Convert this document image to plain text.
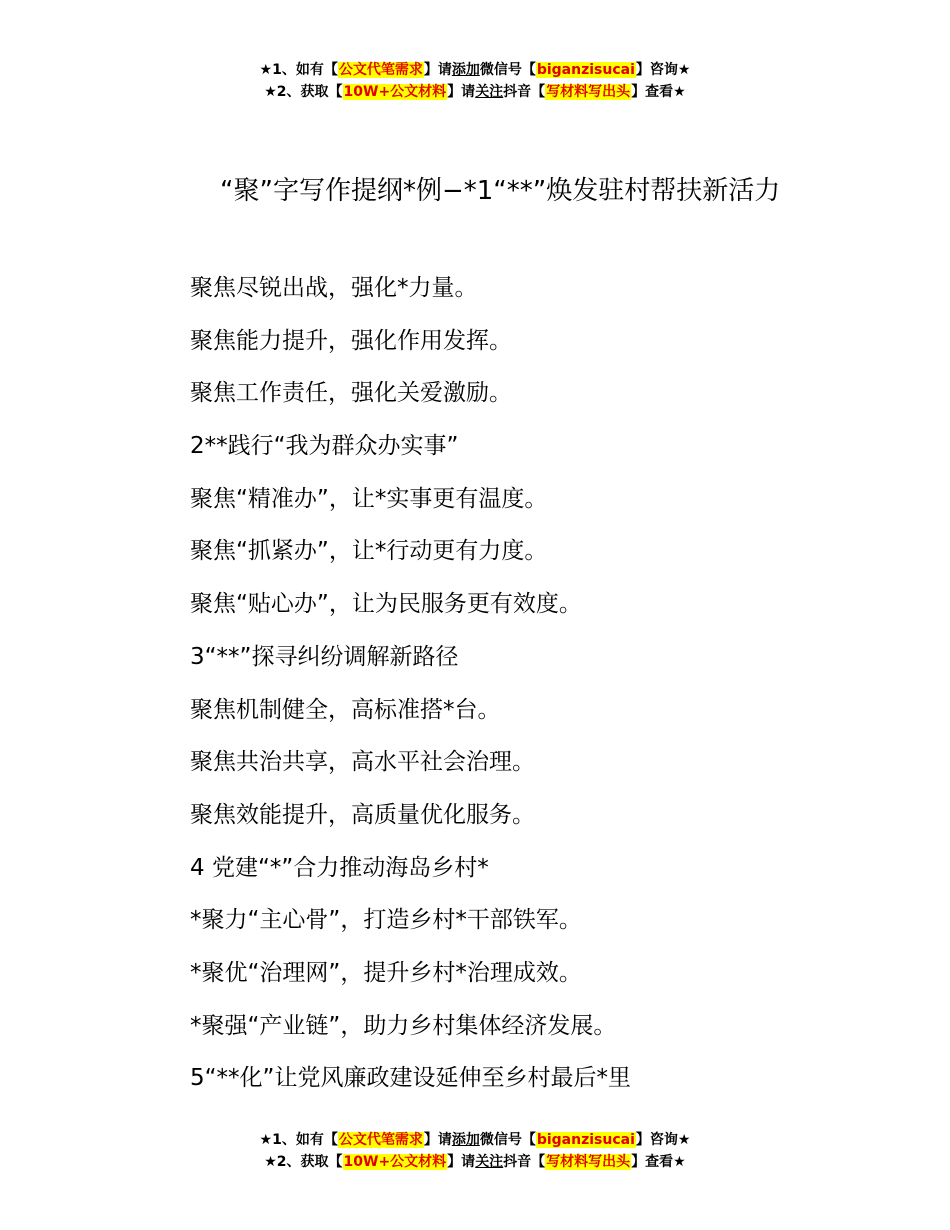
★1、如有【公文代笔需求】请添加微信号【biganzisucai】咨询★
★2、获取【10W+公文材料】请关注抖音【写材料写出头】查看★
“聚”字写作提纲*例−*1“**”焕发驻村帮扶新活力
聚焦尽锐出战，强化*力量。
聚焦能力提升，强化作用发挥。
聚焦工作责任，强化关爱激励。
2**践行“我为群众办实事”
聚焦“精准办”，让*实事更有温度。
聚焦“抓紧办”，让*行动更有力度。
聚焦“贴心办”，让为民服务更有效度。
3“**”探寻纠纷调解新路径
聚焦机制健全，高标准搭*台。
聚焦共治共享，高水平社会治理。
聚焦效能提升，高质量优化服务。
4 党建“*”合力推动海岛乡村*
*聚力“主心骨”，打造乡村*干部铁军。
*聚优“治理网”，提升乡村*治理成效。
*聚强“产业链”，助力乡村集体经济发展。
5“**化”让党风廉政建设延伸至乡村最后*里
★1、如有【公文代笔需求】请添加微信号【biganzisucai】咨询★
★2、获取【10W+公文材料】请关注抖音【写材料写出头】查看★
